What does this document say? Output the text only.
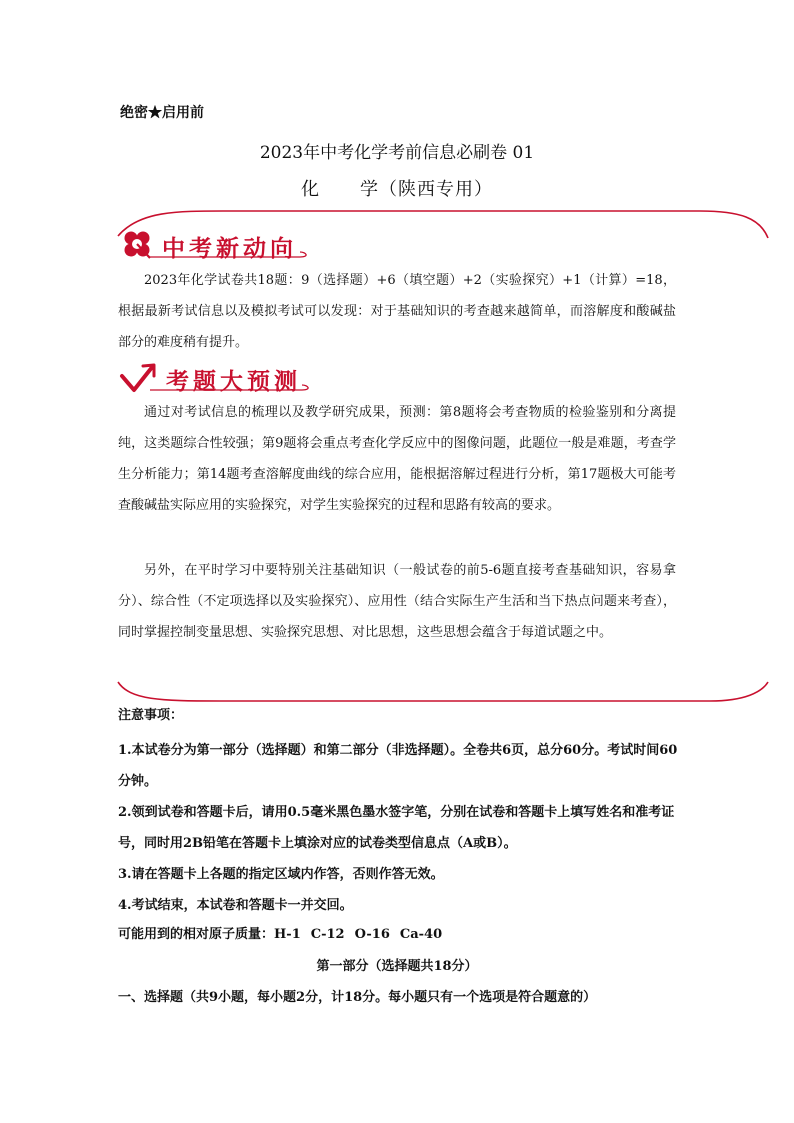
绝密★启用前
2023年中考化学考前信息必刷卷 01
化 学（陕西专用）
中考新动向
2023年化学试卷共18题：9（选择题）+6（填空题）+2（实验探究）+1（计算）=18，根据最新考试信息以及模拟考试可以发现：对于基础知识的考查越来越简单，而溶解度和酸碱盐部分的难度稍有提升。
考题大预测
通过对考试信息的梳理以及教学研究成果，预测：第8题将会考查物质的检验鉴别和分离提纯，这类题综合性较强；第9题将会重点考查化学反应中的图像问题，此题位一般是难题，考查学生分析能力；第14题考查溶解度曲线的综合应用，能根据溶解过程进行分析，第17题极大可能考查酸碱盐实际应用的实验探究，对学生实验探究的过程和思路有较高的要求。
另外，在平时学习中要特别关注基础知识（一般试卷的前5-6题直接考查基础知识，容易拿分）、综合性（不定项选择以及实验探究）、应用性（结合实际生产生活和当下热点问题来考查），同时掌握控制变量思想、实验探究思想、对比思想，这些思想会蕴含于每道试题之中。
注意事项：
1.本试卷分为第一部分（选择题）和第二部分（非选择题）。全卷共6页，总分60分。考试时间60分钟。
2.领到试卷和答题卡后，请用0.5毫米黑色墨水签字笔，分别在试卷和答题卡上填写姓名和准考证号，同时用2B铅笔在答题卡上填涂对应的试卷类型信息点（A或B）。
3.请在答题卡上各题的指定区域内作答，否则作答无效。
4.考试结束，本试卷和答题卡一并交回。
可能用到的相对原子质量：H-1 C-12 O-16 Ca-40
第一部分（选择题共18分）
一、选择题（共9小题，每小题2分，计18分。每小题只有一个选项是符合题意的）
